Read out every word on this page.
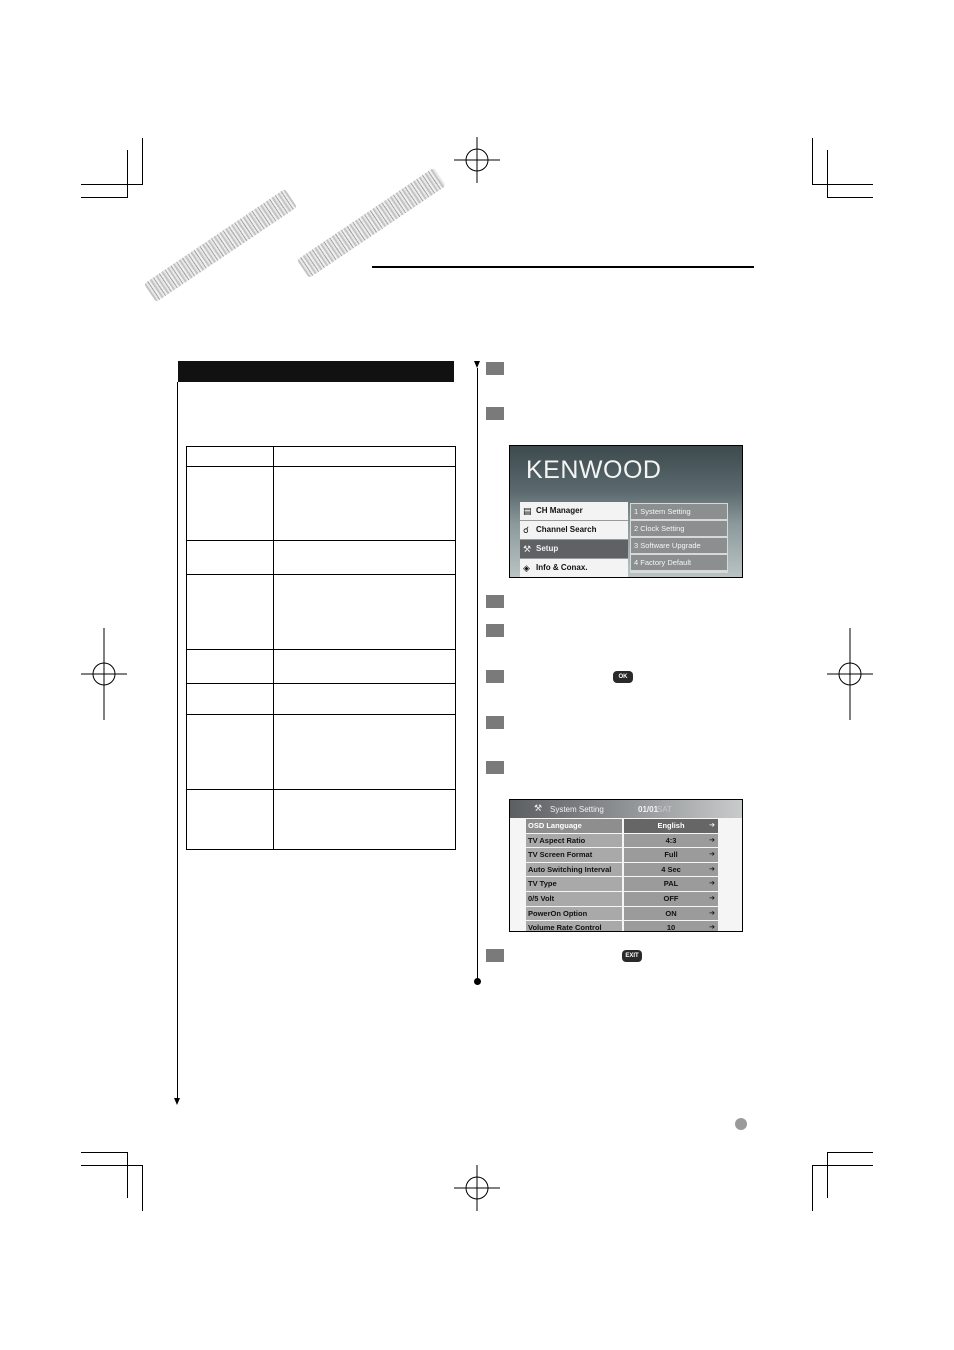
OK
EXIT
KENWOOD
▤ CH Manager
☌ Channel Search
⚒ Setup
◈ Info & Conax.
1 System Setting
2 Clock Setting
3 Software Upgrade
4 Factory Default
⚒ System Setting	01/01
SAT
OSD Language	English	➔
TV Aspect Ratio	4:3	➔
TV Screen Format	Full	➔
Auto Switching Interval	4 Sec	➔
TV Type	PAL	➔
0/5 Volt	OFF	➔
PowerOn Option	ON	➔
Volume Rate Control	10	➔
